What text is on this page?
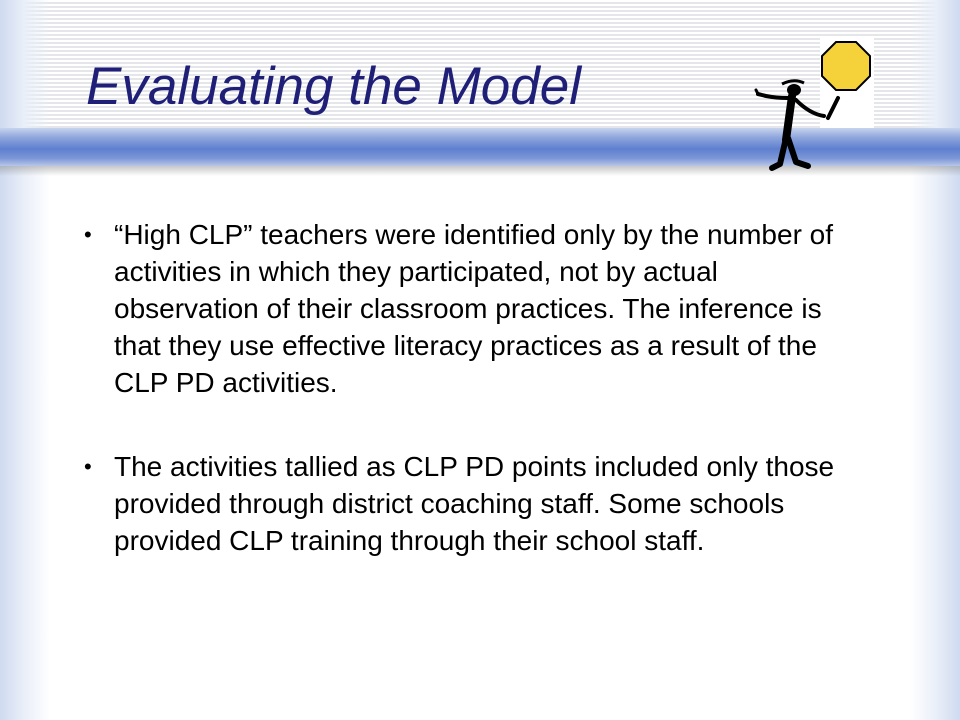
Evaluating the Model
• “High CLP” teachers were identified only by the number of activities in which they participated, not by actual observation of their classroom practices. The inference is that they use effective literacy practices as a result of the CLP PD activities.
• The activities tallied as CLP PD points included only those provided through district coaching staff. Some schools provided CLP training through their school staff.
